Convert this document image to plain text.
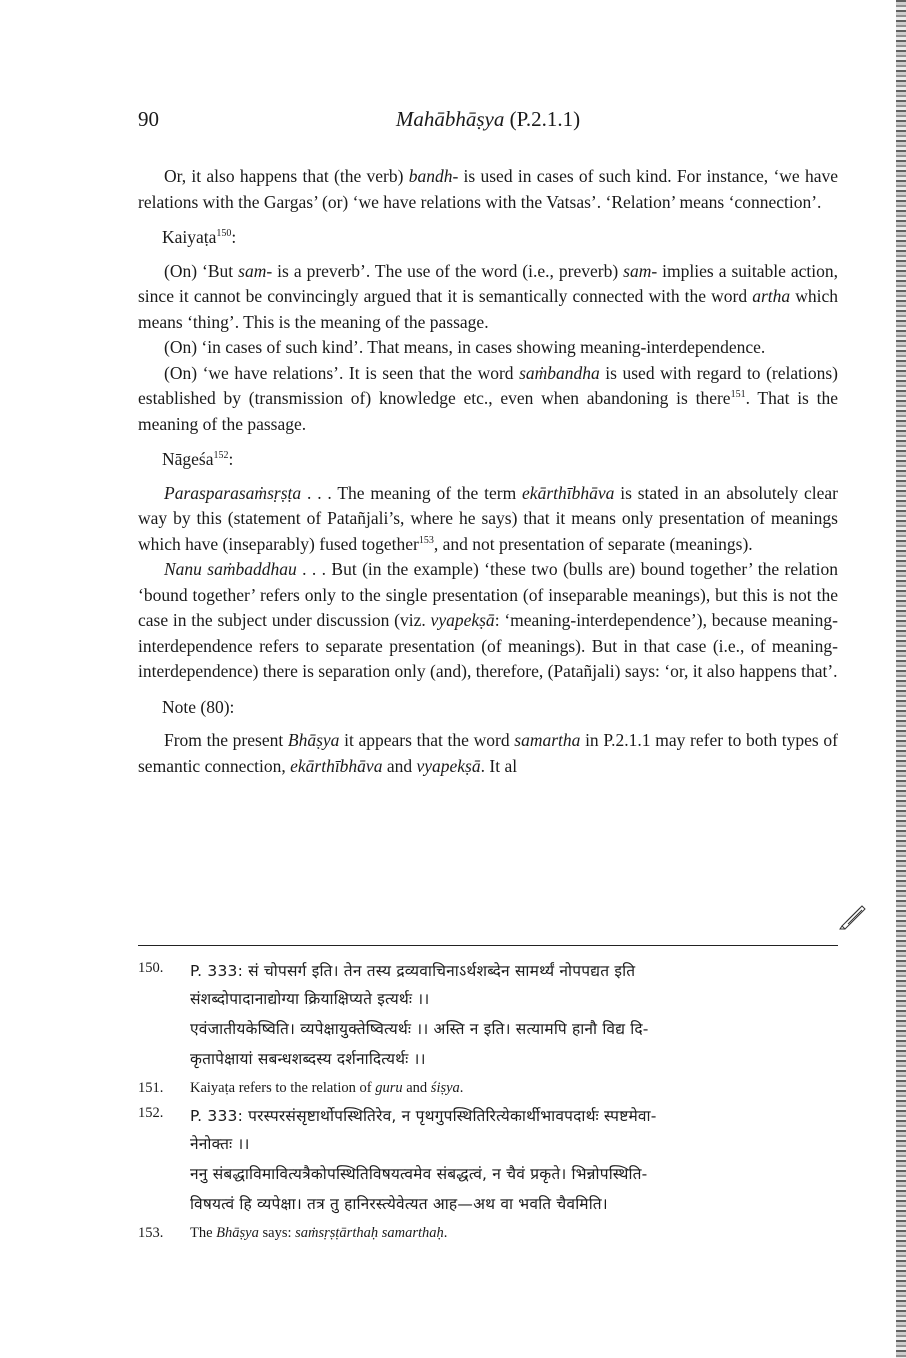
90	Mahābhāṣya (P.2.1.1)

Or, it also happens that (the verb) bandh- is used in cases of such kind. For instance, ‘we have relations with the Gargas’ (or) ‘we have relations with the Vatsas’. ‘Relation’ means ‘connection’.

Kaiyaṭa$^{150}$:

(On) ‘But sam- is a preverb’. The use of the word (i.e., preverb) sam- implies a suitable action, since it cannot be convincingly argued that it is semantically connected with the word artha which means ‘thing’. This is the meaning of the passage.

(On) ‘in cases of such kind’. That means, in cases showing meaning-interdependence.

(On) ‘we have relations’. It is seen that the word saṁbandha is used with regard to (relations) established by (transmission of) knowledge etc., even when abandoning is there$^{151}$. That is the meaning of the passage.

Nāgeśa$^{152}$:

Parasparasaṁsṛṣṭa . . . The meaning of the term ekārthībhāva is stated in an absolutely clear way by this (statement of Patañjali’s, where he says) that it means only presentation of meanings which have (inseparably) fused together$^{153}$, and not presentation of separate (meanings).

Nanu saṁbaddhau . . . But (in the example) ‘these two (bulls are) bound together’ the relation ‘bound together’ refers only to the single presentation (of inseparable meanings), but this is not the case in the subject under discussion (viz. vyapekṣā: ‘meaning-interdependence’), because meaning-interdependence refers to separate presentation (of meanings). But in that case (i.e., of meaning-interdependence) there is separation only (and), therefore, (Patañjali) says: ‘or, it also happens that’.

Note (80):

From the present Bhāṣya it appears that the word samartha in P.2.1.1 may refer to both types of semantic connection, ekārthībhāva and vyapekṣā. It al

150. P. 333: सं चोपसर्ग इति। तेन तस्य द्रव्यवाचिनाऽर्थशब्देन सामर्थ्यं नोपपद्यत इति
संशब्दोपादानाद्योग्या क्रियाक्षिप्यते इत्यर्थः ।।
एवंजातीयकेष्विति। व्यपेक्षायुक्तेष्वित्यर्थः ।। अस्ति न इति। सत्यामपि हानौ विद्य दि-
कृतापेक्षायां सबन्धशब्दस्य दर्शनादित्यर्थः ।।
151. Kaiyaṭa refers to the relation of guru and śiṣya.
152. P. 333: परस्परसंसृष्टार्थोपस्थितिरेव, न पृथगुपस्थितिरित्येकार्थीभावपदार्थः स्पष्टमेवा-
नेनोक्तः ।।
ननु संबद्धाविमावित्यत्रैकोपस्थितिविषयत्वमेव संबद्धत्वं, न चैवं प्रकृते। भिन्नोपस्थिति-
विषयत्वं हि व्यपेक्षा। तत्र तु हानिरस्त्येवेत्यत आह—अथ वा भवति चैवमिति।
153. The Bhāṣya says: saṁsṛṣṭārthaḥ samarthaḥ.
